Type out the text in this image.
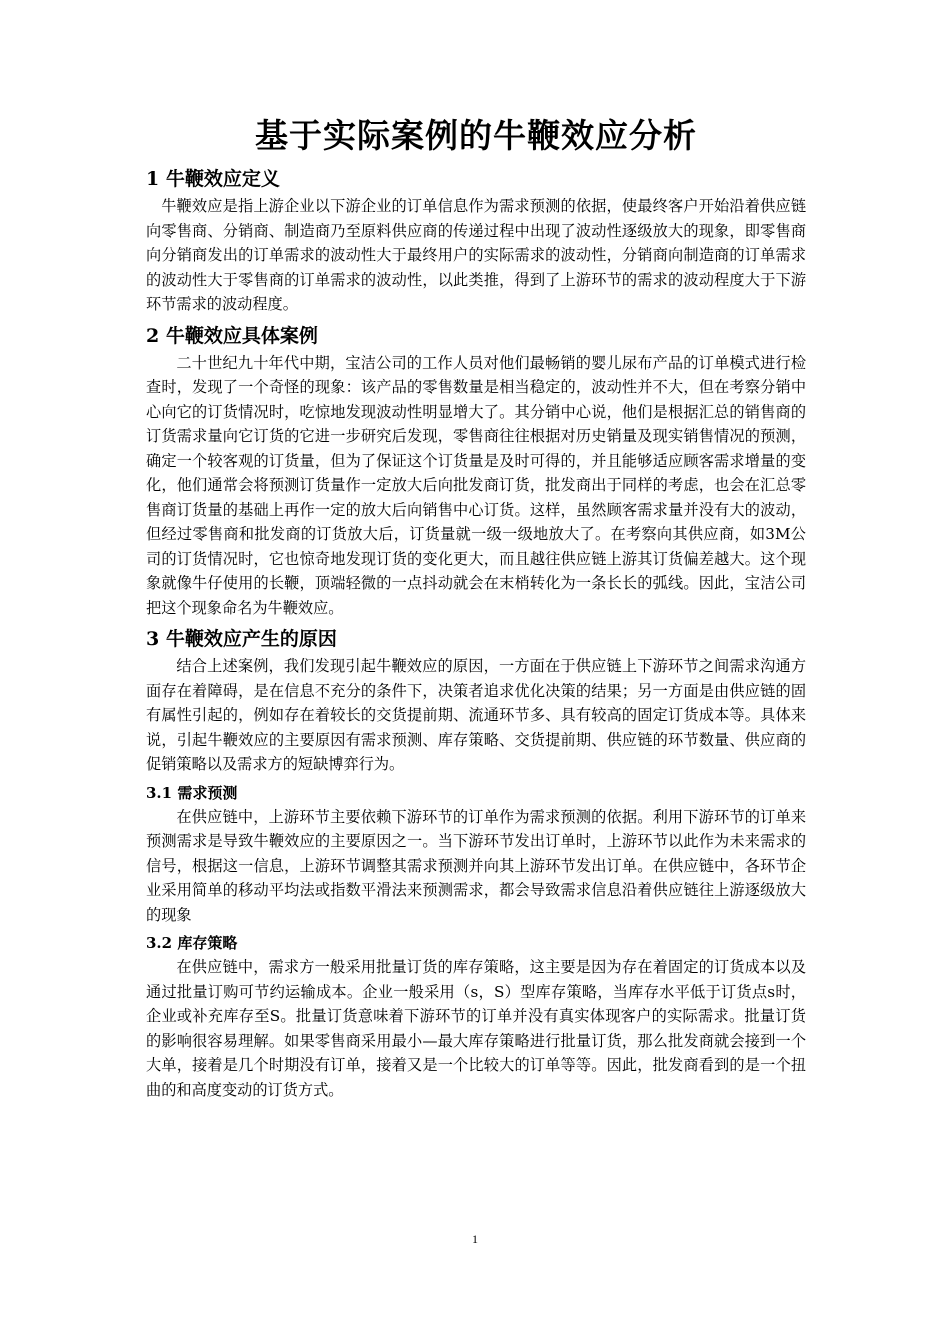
基于实际案例的牛鞭效应分析
1 牛鞭效应定义

牛鞭效应是指上游企业以下游企业的订单信息作为需求预测的依据，使最终客户开始沿着供应链向零售商、分销商、制造商乃至原料供应商的传递过程中出现了波动性逐级放大的现象，即零售商向分销商发出的订单需求的波动性大于最终用户的实际需求的波动性，分销商向制造商的订单需求的波动性大于零售商的订单需求的波动性，以此类推，得到了上游环节的需求的波动程度大于下游环节需求的波动程度。

2 牛鞭效应具体案例

二十世纪九十年代中期，宝洁公司的工作人员对他们最畅销的婴儿尿布产品的订单模式进行检查时，发现了一个奇怪的现象：该产品的零售数量是相当稳定的，波动性并不大，但在考察分销中心向它的订货情况时，吃惊地发现波动性明显增大了。其分销中心说，他们是根据汇总的销售商的订货需求量向它订货的它进一步研究后发现，零售商往往根据对历史销量及现实销售情况的预测，确定一个较客观的订货量，但为了保证这个订货量是及时可得的，并且能够适应顾客需求增量的变化，他们通常会将预测订货量作一定放大后向批发商订货，批发商出于同样的考虑，也会在汇总零售商订货量的基础上再作一定的放大后向销售中心订货。这样，虽然顾客需求量并没有大的波动，但经过零售商和批发商的订货放大后，订货量就一级一级地放大了。在考察向其供应商，如3M公司的订货情况时，它也惊奇地发现订货的变化更大，而且越往供应链上游其订货偏差越大。这个现象就像牛仔使用的长鞭，顶端轻微的一点抖动就会在末梢转化为一条长长的弧线。因此，宝洁公司把这个现象命名为牛鞭效应。

3 牛鞭效应产生的原因

结合上述案例，我们发现引起牛鞭效应的原因，一方面在于供应链上下游环节之间需求沟通方面存在着障碍，是在信息不充分的条件下，决策者追求优化决策的结果；另一方面是由供应链的固有属性引起的，例如存在着较长的交货提前期、流通环节多、具有较高的固定订货成本等。具体来说，引起牛鞭效应的主要原因有需求预测、库存策略、交货提前期、供应链的环节数量、供应商的促销策略以及需求方的短缺博弈行为。

3.1 需求预测

在供应链中，上游环节主要依赖下游环节的订单作为需求预测的依据。利用下游环节的订单来预测需求是导致牛鞭效应的主要原因之一。当下游环节发出订单时，上游环节以此作为未来需求的信号，根据这一信息，上游环节调整其需求预测并向其上游环节发出订单。在供应链中，各环节企业采用简单的移动平均法或指数平滑法来预测需求，都会导致需求信息沿着供应链往上游逐级放大的现象

3.2 库存策略

在供应链中，需求方一般采用批量订货的库存策略，这主要是因为存在着固定的订货成本以及通过批量订购可节约运输成本。企业一般采用（s，S）型库存策略，当库存水平低于订货点s时，企业或补充库存至S。批量订货意味着下游环节的订单并没有真实体现客户的实际需求。批量订货的影响很容易理解。如果零售商采用最小—最大库存策略进行批量订货，那么批发商就会接到一个大单，接着是几个时期没有订单，接着又是一个比较大的订单等等。因此，批发商看到的是一个扭曲的和高度变动的订货方式。

1
